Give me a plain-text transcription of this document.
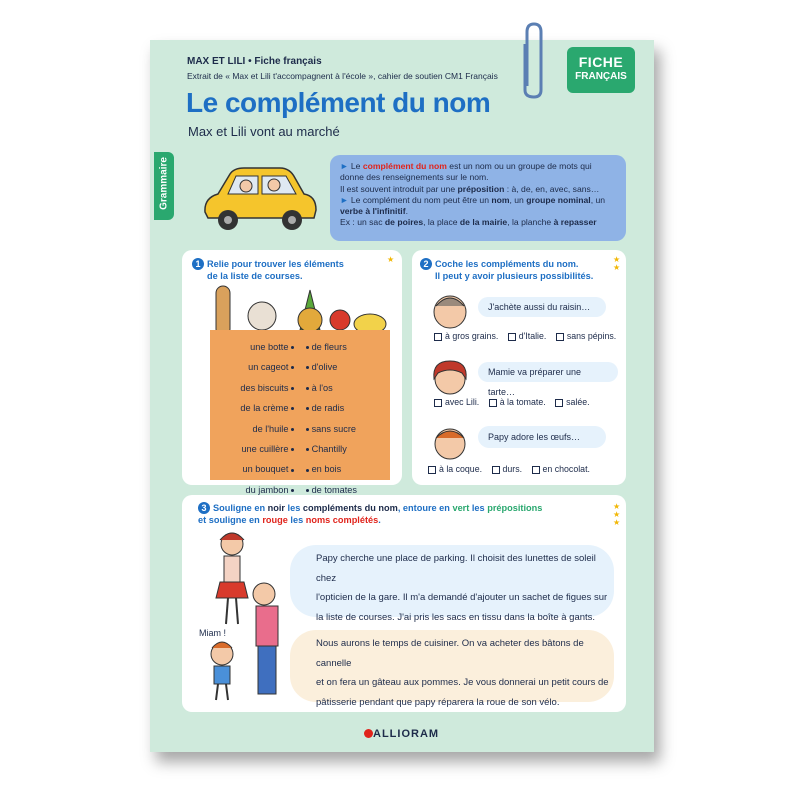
MAX ET LILI • Fiche français
Extrait de « Max et Lili t'accompagnent à l'école », cahier de soutien CM1 Français
Le complément du nom
Max et Lili vont au marché
FICHE
FRANÇAIS
Grammaire	► Le complément du nom est un nom ou un groupe de mots qui donne des renseignements sur le nom.
Il est souvent introduit par une préposition : à, de, en, avec, sans…
► Le complément du nom peut être un nom, un groupe nominal, un verbe à l'infinitif.
Ex : un sac de poires, la place de la mairie, la planche à repasser
1 Relie pour trouver les éléments
de la liste de courses.
★
une botte
un cageot
des biscuits
de la crème
de l'huile
une cuillère
un bouquet
du jambon
de fleurs
d'olive
à l'os
de radis
sans sucre
Chantilly
en bois
de tomates
2 Coche les compléments du nom.
Il peut y avoir plusieurs possibilités.
★
★
J'achète aussi du raisin…
à gros grains. d'Italie. sans pépins.
Mamie va préparer une tarte…
avec Lili. à la tomate. salée.
Papy adore les œufs…
à la coque. durs. en chocolat.
3 Souligne en noir les compléments du nom, entoure en vert les prépositions
et souligne en rouge les noms complétés.
★
★
★
Miam !
Papy cherche une place de parking. Il choisit des lunettes de soleil chez
l'opticien de la gare. Il m'a demandé d'ajouter un sachet de figues sur
la liste de courses. J'ai pris les sacs en tissu dans la boîte à gants.
Nous aurons le temps de cuisiner. On va acheter des bâtons de cannelle
et on fera un gâteau aux pommes. Je vous donnerai un petit cours de
pâtisserie pendant que papy réparera la roue de son vélo.
ALLIORAM
